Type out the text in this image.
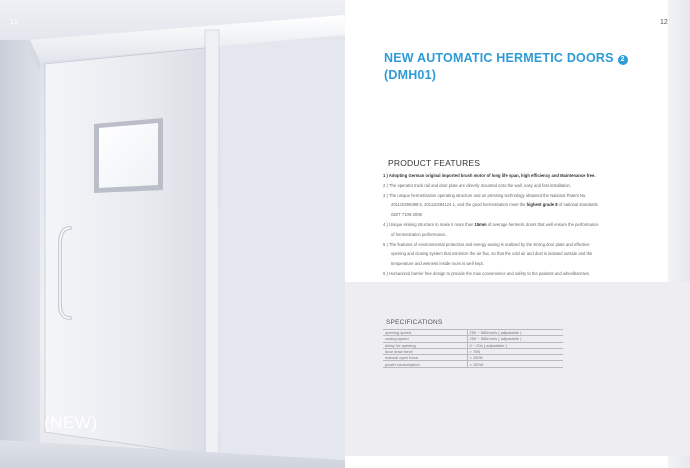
11
(NEW)
12
NEW AUTOMATIC HERMETIC DOORS 2
(DMH01)
PRODUCT FEATURES
1 ) Adopting German original imported brush motor of long life span, high efficiency and Maintenance free.
2 ) The operator track rail and door plate are directly mounted onto the wall, easy and fast installation.
3 ) The unique hermetization operating structure and air pressing technology obtained the National Patent No.
201110290398.5, 201110294124.1, and the good hermetization meet the highest grade 8 of national standards
GB/T 7106-2008
4 ) Unique sinking structure to make it more than 15mm of average hermetic doors that well ensure the performance
of hermetization performance.
5 ) The features of environmental protection and energy saving is realized by the strong door plate and effective
opening and closing system that minimize the air flux, so that the cold air and dust is isolated outside and the
temperature and wetness inside room is well kept.
6 ) Humanized barrier free design to provide the max convenience and safety to the patients and wheelbarrows.
SPECIFICATIONS
opening speed	250 ~ 550mm/s ( adjustable )
cosing speed	250 ~ 550mm/s ( adjustable )
delay for opening	0 ~ 20s ( adjustable )
door draw force	> 70N
manual open force	< 100N
power consumption	< 100W
